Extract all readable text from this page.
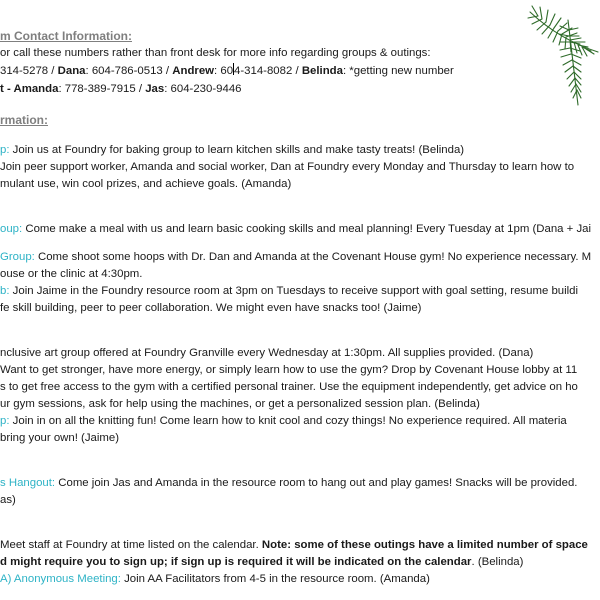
m Contact Information:
or call these numbers rather than front desk for more info regarding groups & outings:
314-5278 / Dana: 604-786-0513 / Andrew: 604-314-8082 / Belinda: *getting new number
t - Amanda: 778-389-7915 / Jas: 604-230-9446
rmation:
p: Join us at Foundry for baking group to learn kitchen skills and make tasty treats! (Belinda)
Join peer support worker, Amanda and social worker, Dan at Foundry every Monday and Thursday to learn how to
mulant use, win cool prizes, and achieve goals. (Amanda)
oup: Come make a meal with us and learn basic cooking skills and meal planning! Every Tuesday at 1pm (Dana + Jai
Group: Come shoot some hoops with Dr. Dan and Amanda at the Covenant House gym! No experience necessary. M
ouse or the clinic at 4:30pm.
b: Join Jaime in the Foundry resource room at 3pm on Tuesdays to receive support with goal setting, resume buildi
fe skill building, peer to peer collaboration. We might even have snacks too! (Jaime)
nclusive art group offered at Foundry Granville every Wednesday at 1:30pm. All supplies provided. (Dana)
Want to get stronger, have more energy, or simply learn how to use the gym? Drop by Covenant House lobby at 11
s to get free access to the gym with a certified personal trainer. Use the equipment independently, get advice on ho
ur gym sessions, ask for help using the machines, or get a personalized session plan. (Belinda)
p: Join in on all the knitting fun! Come learn how to knit cool and cozy things! No experience required. All materia
bring your own! (Jaime)
s Hangout: Come join Jas and Amanda in the resource room to hang out and play games! Snacks will be provided.
as)
Meet staff at Foundry at time listed on the calendar. Note: some of these outings have a limited number of space
d might require you to sign up; if sign up is required it will be indicated on the calendar. (Belinda)
A) Anonymous Meeting: Join AA Facilitators from 4-5 in the resource room. (Amanda)
